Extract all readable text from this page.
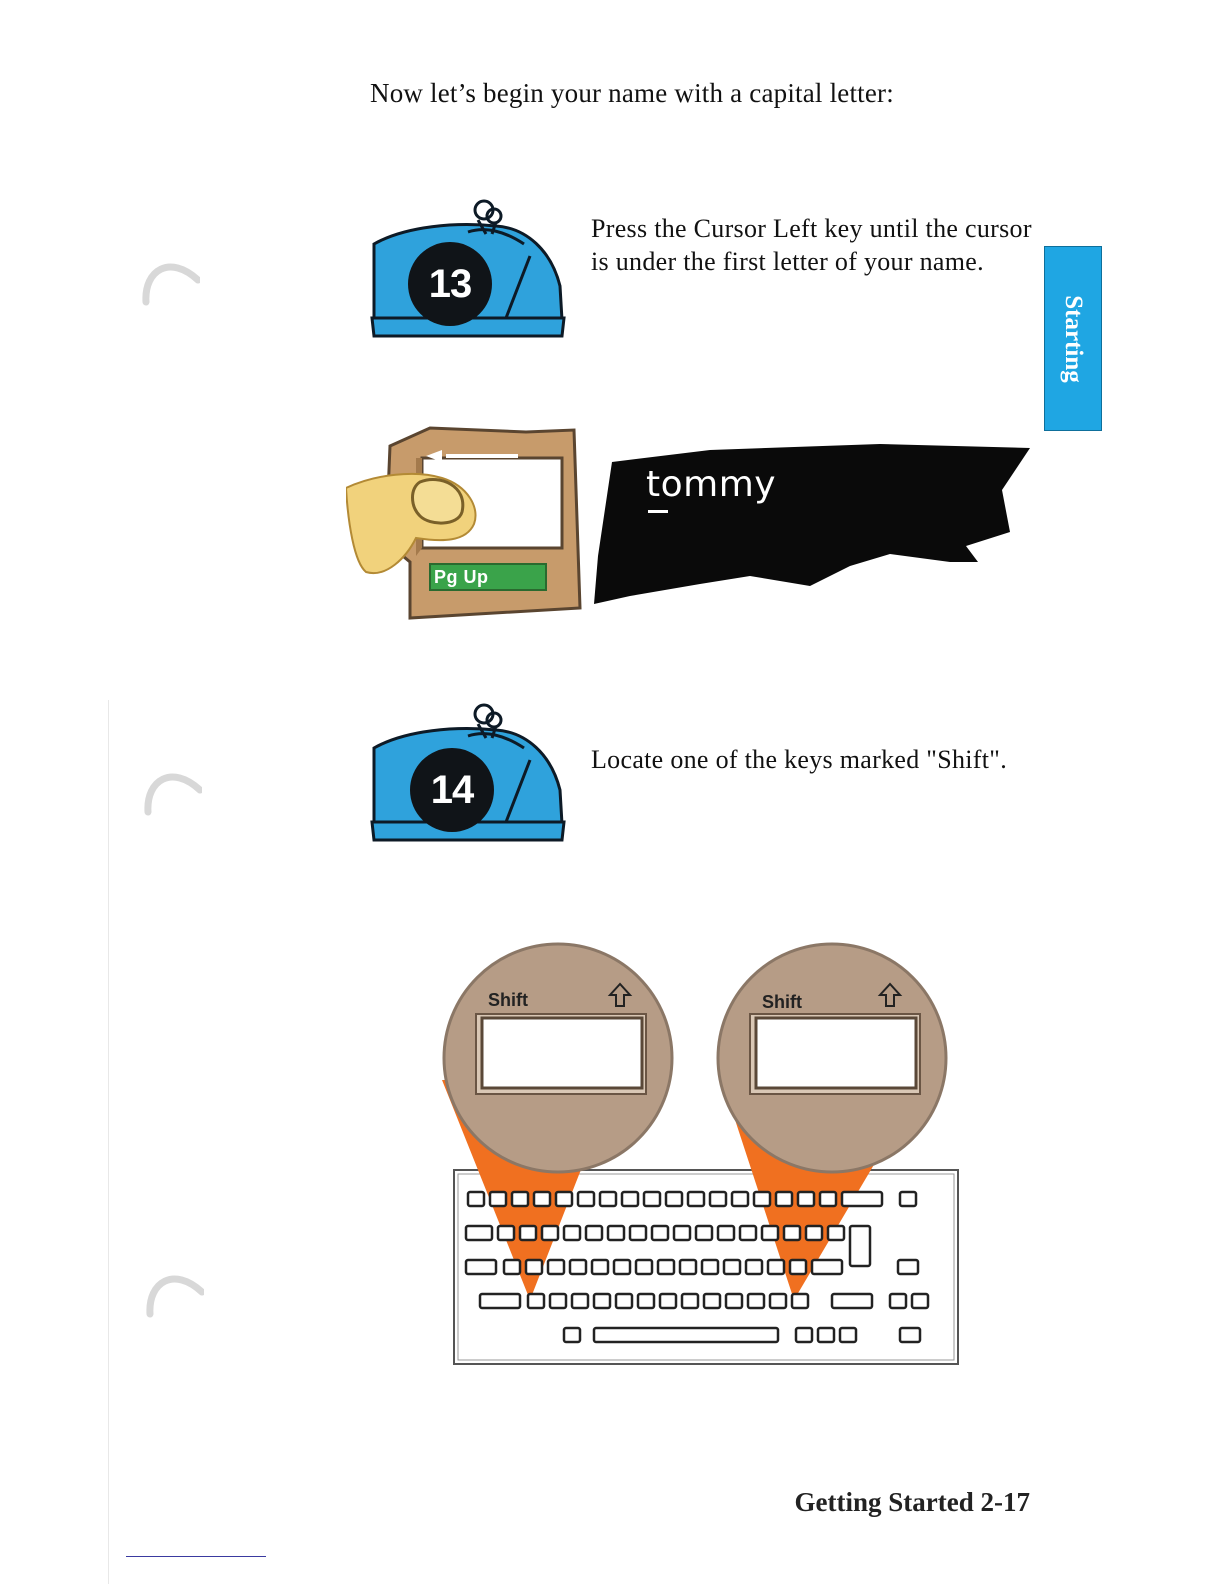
Now let’s begin your name with a capital letter:

Starting
13

Press the Cursor Left key until the cursor is under the first letter of your name.

Pg Up
tommy
14

Locate one of the keys marked "Shift".

Shift	Shift

Getting Started 2-17
